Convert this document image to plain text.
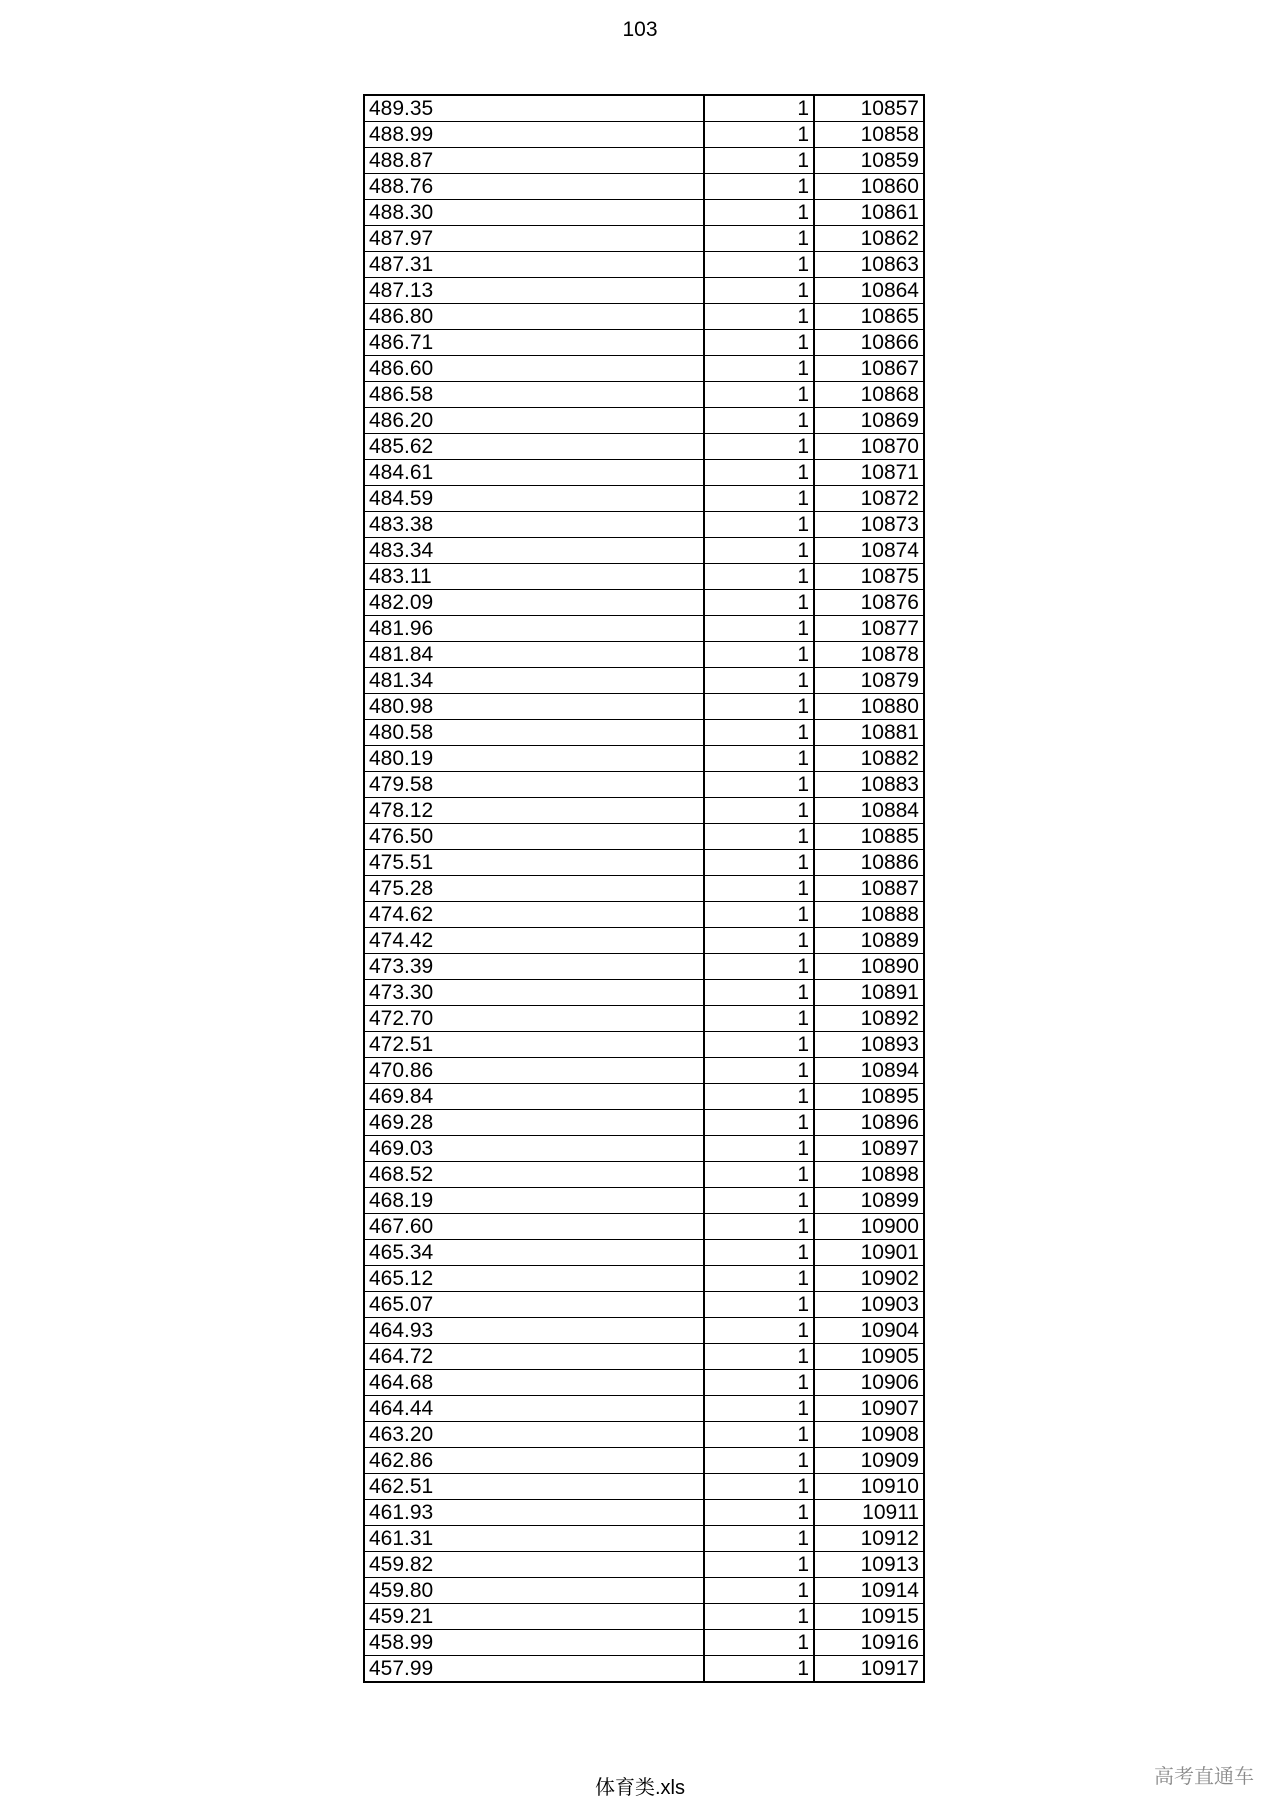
103
489.35	1	10857
488.99	1	10858
488.87	1	10859
488.76	1	10860
488.30	1	10861
487.97	1	10862
487.31	1	10863
487.13	1	10864
486.80	1	10865
486.71	1	10866
486.60	1	10867
486.58	1	10868
486.20	1	10869
485.62	1	10870
484.61	1	10871
484.59	1	10872
483.38	1	10873
483.34	1	10874
483.11	1	10875
482.09	1	10876
481.96	1	10877
481.84	1	10878
481.34	1	10879
480.98	1	10880
480.58	1	10881
480.19	1	10882
479.58	1	10883
478.12	1	10884
476.50	1	10885
475.51	1	10886
475.28	1	10887
474.62	1	10888
474.42	1	10889
473.39	1	10890
473.30	1	10891
472.70	1	10892
472.51	1	10893
470.86	1	10894
469.84	1	10895
469.28	1	10896
469.03	1	10897
468.52	1	10898
468.19	1	10899
467.60	1	10900
465.34	1	10901
465.12	1	10902
465.07	1	10903
464.93	1	10904
464.72	1	10905
464.68	1	10906
464.44	1	10907
463.20	1	10908
462.86	1	10909
462.51	1	10910
461.93	1	10911
461.31	1	10912
459.82	1	10913
459.80	1	10914
459.21	1	10915
458.99	1	10916
457.99	1	10917
体育类.xls	高考直通车
